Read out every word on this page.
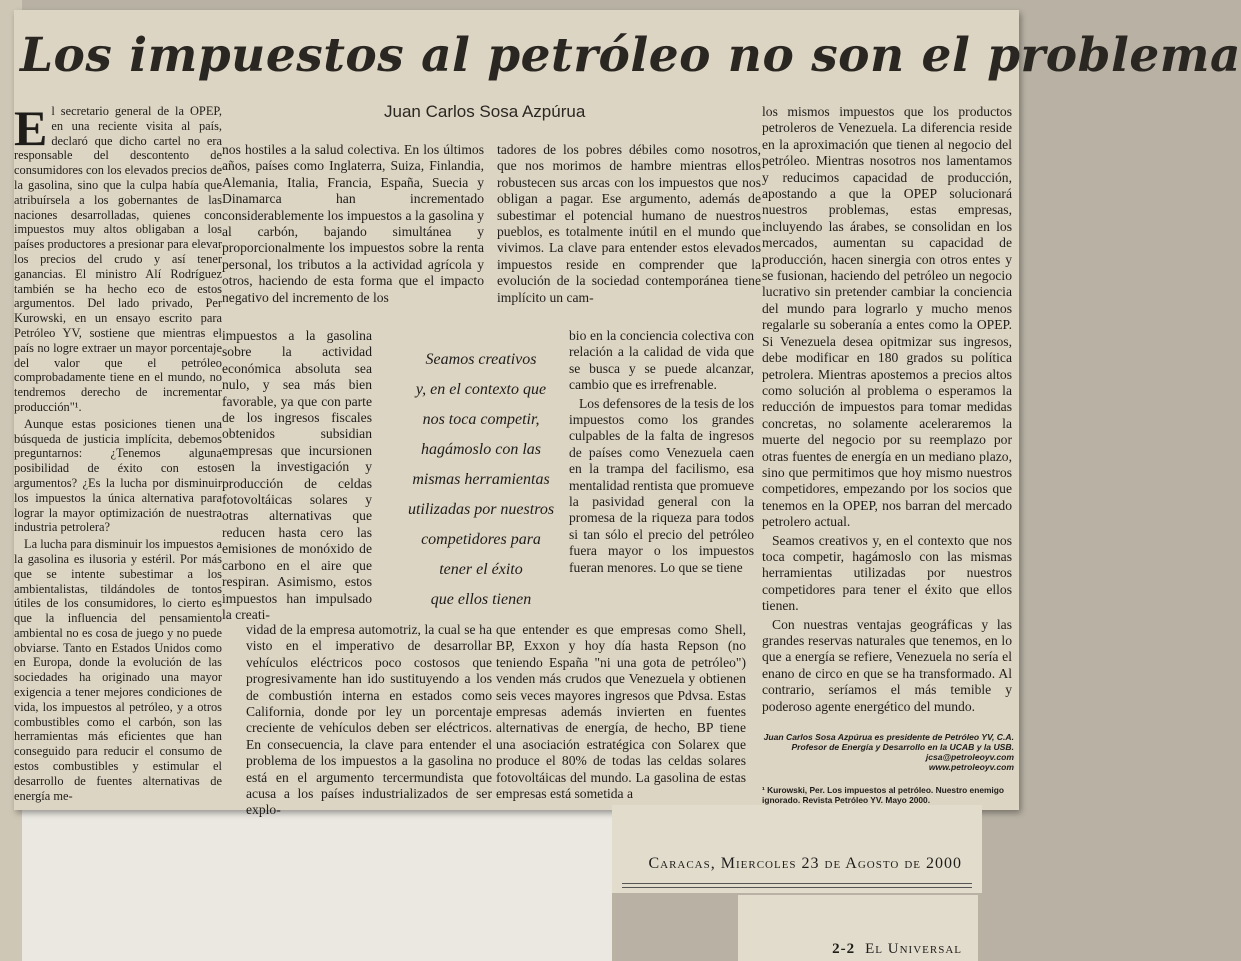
Los impuestos al petróleo no son el problema
Juan Carlos Sosa Azpúrua

El secretario general de la OPEP, en una reciente visita al país, declaró que dicho cartel no era responsable del descontento de consumidores con los elevados precios de la gasolina, sino que la culpa había que atribuírsela a los gobernantes de las naciones desarrolladas, quienes con impuestos muy altos obligaban a los países productores a presionar para elevar los precios del crudo y así tener ganancias. El ministro Alí Rodríguez también se ha hecho eco de estos argumentos. Del lado privado, Per Kurowski, en un ensayo escrito para Petróleo YV, sostiene que mientras el país no logre extraer un mayor porcentaje del valor que el petróleo comprobadamente tiene en el mundo, no tendremos derecho de incrementar producción"¹.

Aunque estas posiciones tienen una búsqueda de justicia implícita, debemos preguntarnos: ¿Tenemos alguna posibilidad de éxito con estos argumentos? ¿Es la lucha por disminuir los impuestos la única alternativa para lograr la mayor optimización de nuestra industria petrolera?

La lucha para disminuir los impuestos a la gasolina es ilusoria y estéril. Por más que se intente subestimar a los ambientalistas, tildándoles de tontos útiles de los consumidores, lo cierto es que la influencia del pensamiento ambiental no es cosa de juego y no puede obviarse. Tanto en Estados Unidos como en Europa, donde la evolución de las sociedades ha originado una mayor exigencia a tener mejores condiciones de vida, los impuestos al petróleo, y a otros combustibles como el carbón, son las herramientas más eficientes que han conseguido para reducir el consumo de estos combustibles y estimular el desarrollo de fuentes alternativas de energía me-

nos hostiles a la salud colectiva. En los últimos años, países como Inglaterra, Suiza, Finlandia, Alemania, Italia, Francia, España, Suecia y Dinamarca han incrementado considerablemente los impuestos a la gasolina y al carbón, bajando simultánea y proporcionalmente los impuestos sobre la renta personal, los tributos a la actividad agrícola y otros, haciendo de esta forma que el impacto negativo del incremento de los

impuestos a la gasolina sobre la actividad económica absoluta sea nulo, y sea más bien favorable, ya que con parte de los ingresos fiscales obtenidos subsidian empresas que incursionen en la investigación y producción de celdas fotovoltáicas solares y otras alternativas que reducen hasta cero las emisiones de monóxido de carbono en el aire que respiran. Asimismo, estos impuestos han impulsado la creati-

vidad de la empresa automotriz, la cual se ha visto en el imperativo de desarrollar vehículos eléctricos poco costosos que progresivamente han ido sustituyendo a los de combustión interna en estados como California, donde por ley un porcentaje creciente de vehículos deben ser eléctricos. En consecuencia, la clave para entender el problema de los impuestos a la gasolina no está en el argumento tercermundista que acusa a los países industrializados de ser explo-

tadores de los pobres débiles como nosotros, que nos morimos de hambre mientras ellos robustecen sus arcas con los impuestos que nos obligan a pagar. Ese argumento, además de subestimar el potencial humano de nuestros pueblos, es totalmente inútil en el mundo que vivimos. La clave para entender estos elevados impuestos reside en comprender que la evolución de la sociedad contemporánea tiene implícito un cam-

bio en la conciencia colectiva con relación a la calidad de vida que se busca y se puede alcanzar, cambio que es irrefrenable.

Los defensores de la tesis de los impuestos como los grandes culpables de la falta de ingresos de países como Venezuela caen en la trampa del facilismo, esa mentalidad rentista que promueve la pasividad general con la promesa de la riqueza para todos si tan sólo el precio del petróleo fuera mayor o los impuestos fueran menores. Lo que se tiene

que entender es que empresas como Shell, BP, Exxon y hoy día hasta Repson (no teniendo España "ni una gota de petróleo") venden más crudos que Venezuela y obtienen seis veces mayores ingresos que Pdvsa. Estas empresas además invierten en fuentes alternativas de energía, de hecho, BP tiene una asociación estratégica con Solarex que produce el 80% de todas las celdas solares fotovoltáicas del mundo. La gasolina de estas empresas está sometida a

Seamos creativos
y, en el contexto que
nos toca competir,
hagámoslo con las
mismas herramientas
utilizadas por nuestros
competidores para
tener el éxito
que ellos tienen

los mismos impuestos que los productos petroleros de Venezuela. La diferencia reside en la aproximación que tienen al negocio del petróleo. Mientras nosotros nos lamentamos y reducimos capacidad de producción, apostando a que la OPEP solucionará nuestros problemas, estas empresas, incluyendo las árabes, se consolidan en los mercados, aumentan su capacidad de producción, hacen sinergia con otros entes y se fusionan, haciendo del petróleo un negocio lucrativo sin pretender cambiar la conciencia del mundo para lograrlo y mucho menos regalarle su soberanía a entes como la OPEP. Si Venezuela desea opitmizar sus ingresos, debe modificar en 180 grados su política petrolera. Mientras apostemos a precios altos como solución al problema o esperamos la reducción de impuestos para tomar medidas concretas, no solamente aceleraremos la muerte del negocio por su reemplazo por otras fuentes de energía en un mediano plazo, sino que permitimos que hoy mismo nuestros competidores, empezando por los socios que tenemos en la OPEP, nos barran del mercado petrolero actual.

Seamos creativos y, en el contexto que nos toca competir, hagámoslo con las mismas herramientas utilizadas por nuestros competidores para tener el éxito que ellos tienen.

Con nuestras ventajas geográficas y las grandes reservas naturales que tenemos, en lo que a energía se refiere, Venezuela no sería el enano de circo en que se ha transformado. Al contrario, seríamos el más temible y poderoso agente energético del mundo.

Juan Carlos Sosa Azpúrua es presidente de Petróleo YV, C.A.
Profesor de Energía y Desarrollo en la UCAB y la USB.
jcsa@petroleoyv.com
www.petroleoyv.com
¹ Kurowski, Per. Los impuestos al petróleo. Nuestro enemigo ignorado. Revista Petróleo YV. Mayo 2000.
Caracas, Miercoles 23 de Agosto de 2000
2-2 El Universal
